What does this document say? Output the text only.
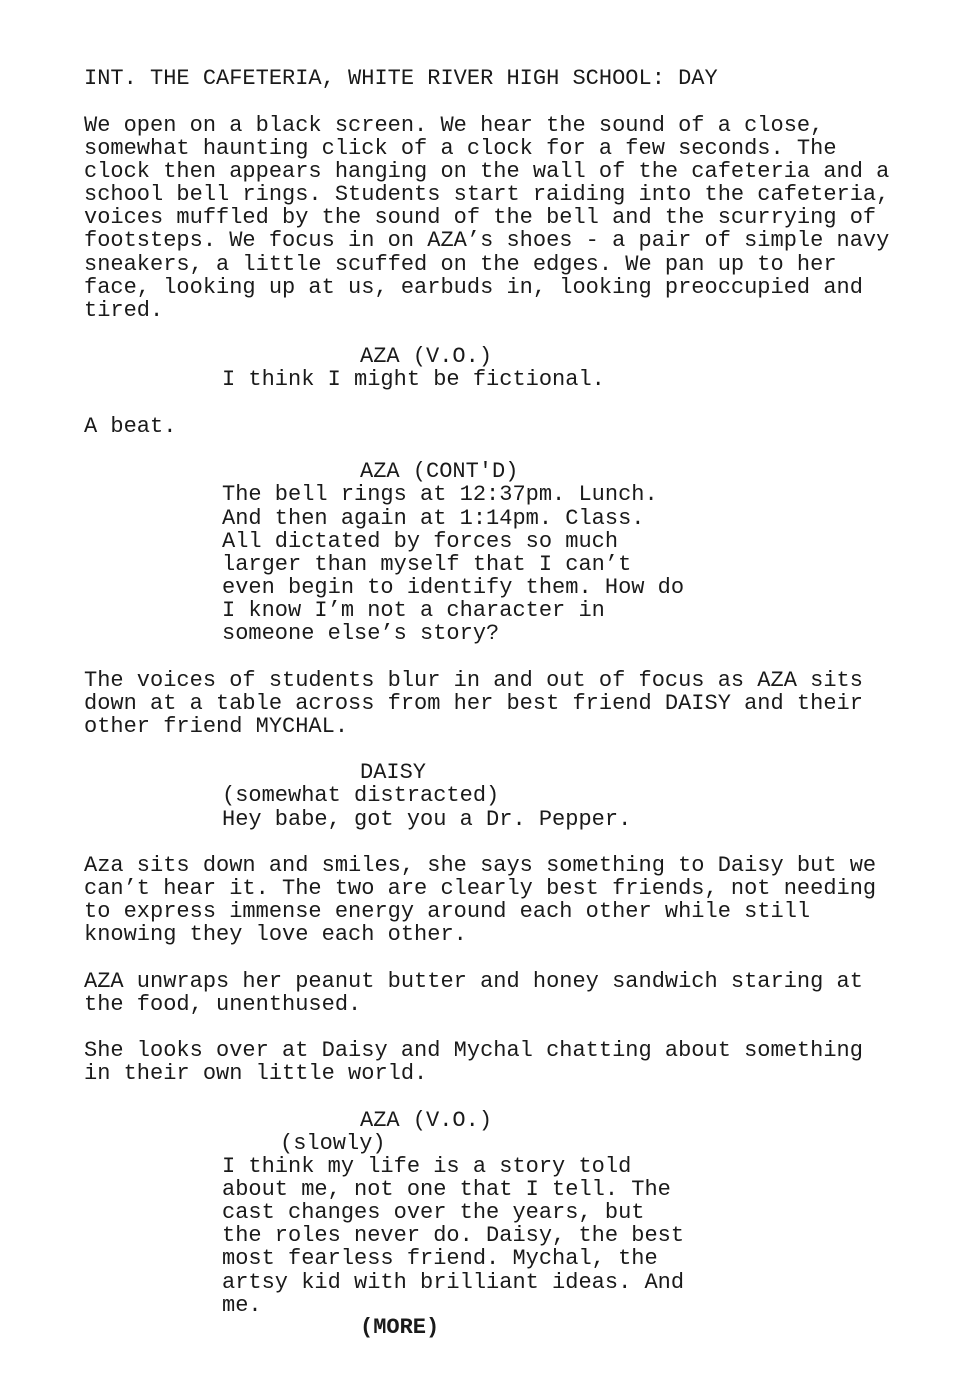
INT. THE CAFETERIA, WHITE RIVER HIGH SCHOOL: DAY
We open on a black screen. We hear the sound of a close,
somewhat haunting click of a clock for a few seconds. The
clock then appears hanging on the wall of the cafeteria and a
school bell rings. Students start raiding into the cafeteria,
voices muffled by the sound of the bell and the scurrying of
footsteps. We focus in on AZA’s shoes - a pair of simple navy
sneakers, a little scuffed on the edges. We pan up to her
face, looking up at us, earbuds in, looking preoccupied and
tired.
AZA (V.O.)
I think I might be fictional.
A beat.
AZA (CONT'D)
The bell rings at 12:37pm. Lunch.
And then again at 1:14pm. Class.
All dictated by forces so much
larger than myself that I can’t
even begin to identify them. How do
I know I’m not a character in
someone else’s story?
The voices of students blur in and out of focus as AZA sits
down at a table across from her best friend DAISY and their
other friend MYCHAL.
DAISY
(somewhat distracted)
Hey babe, got you a Dr. Pepper.
Aza sits down and smiles, she says something to Daisy but we
can’t hear it. The two are clearly best friends, not needing
to express immense energy around each other while still
knowing they love each other.
AZA unwraps her peanut butter and honey sandwich staring at
the food, unenthused.
She looks over at Daisy and Mychal chatting about something
in their own little world.
AZA (V.O.)
(slowly)
I think my life is a story told
about me, not one that I tell. The
cast changes over the years, but
the roles never do. Daisy, the best
most fearless friend. Mychal, the
artsy kid with brilliant ideas. And
me.
(MORE)
